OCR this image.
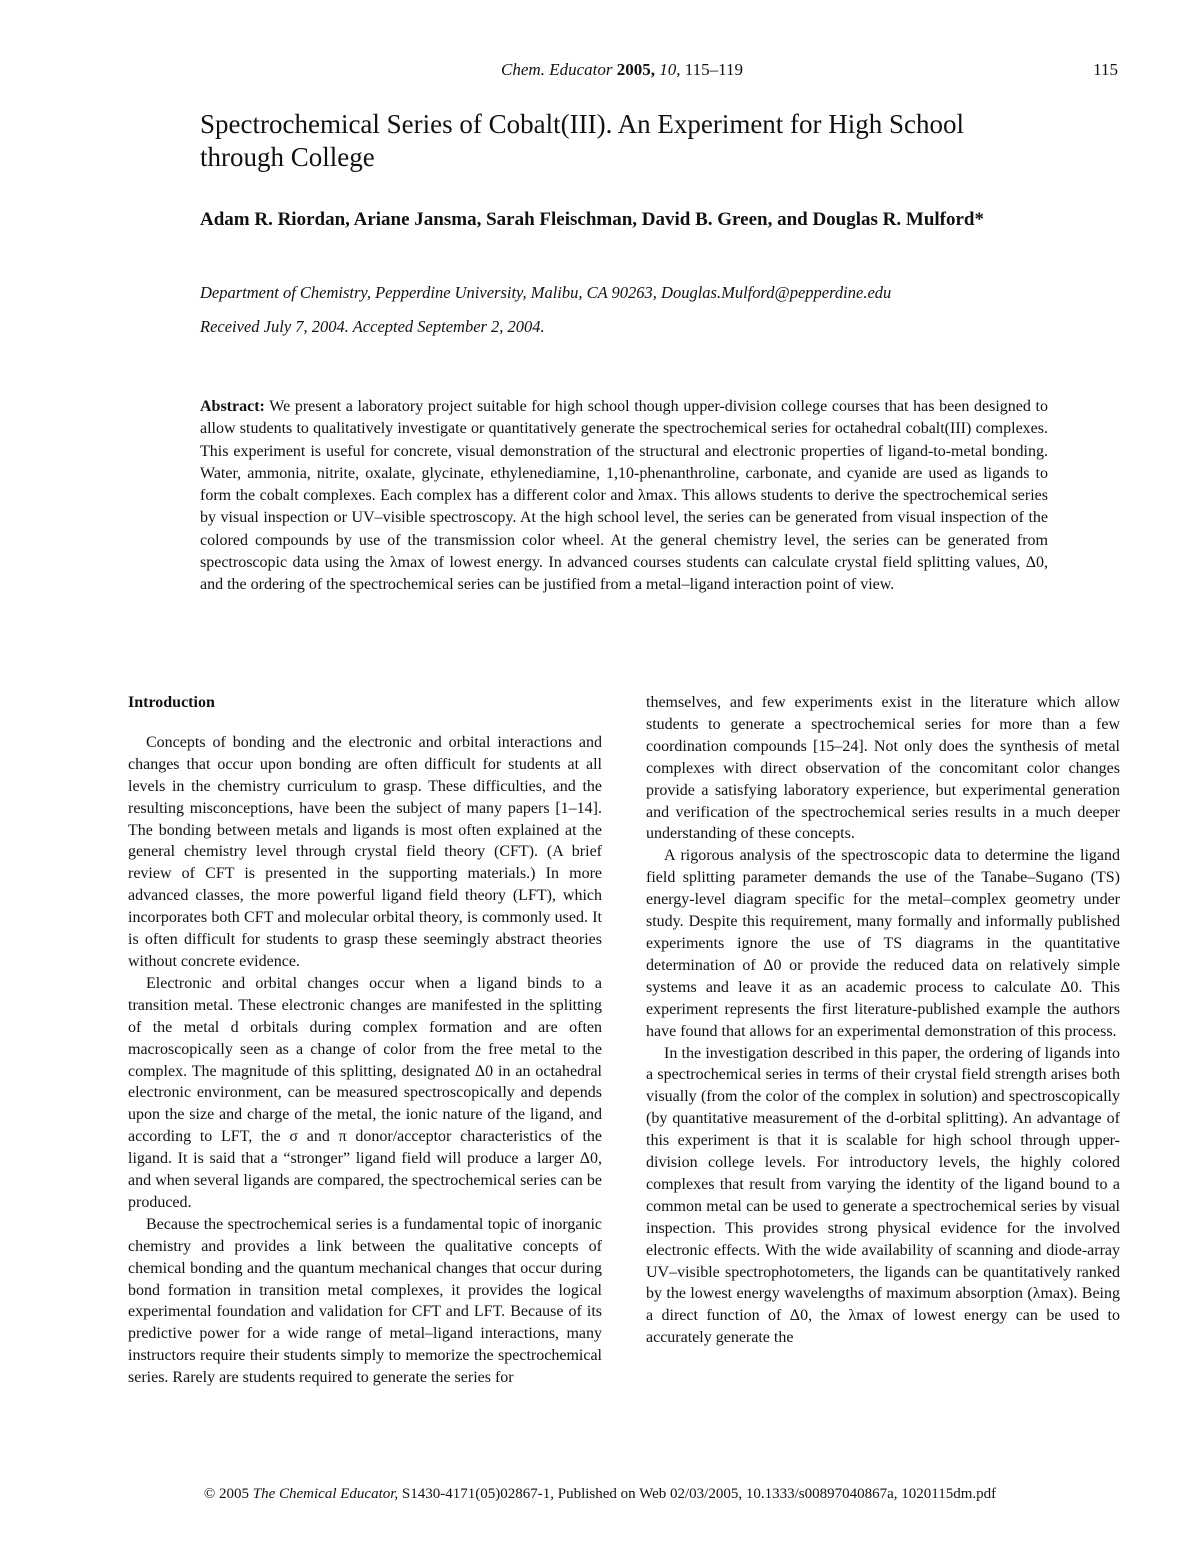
Chem. Educator 2005, 10, 115–119	115
Spectrochemical Series of Cobalt(III). An Experiment for High School through College

Adam R. Riordan, Ariane Jansma, Sarah Fleischman, David B. Green, and Douglas R. Mulford*

Department of Chemistry, Pepperdine University, Malibu, CA 90263, Douglas.Mulford@pepperdine.edu

Received July 7, 2004. Accepted September 2, 2004.

Abstract: We present a laboratory project suitable for high school though upper-division college courses that has been designed to allow students to qualitatively investigate or quantitatively generate the spectrochemical series for octahedral cobalt(III) complexes. This experiment is useful for concrete, visual demonstration of the structural and electronic properties of ligand-to-metal bonding. Water, ammonia, nitrite, oxalate, glycinate, ethylenediamine, 1,10-phenanthroline, carbonate, and cyanide are used as ligands to form the cobalt complexes. Each complex has a different color and λmax. This allows students to derive the spectrochemical series by visual inspection or UV–visible spectroscopy. At the high school level, the series can be generated from visual inspection of the colored compounds by use of the transmission color wheel. At the general chemistry level, the series can be generated from spectroscopic data using the λmax of lowest energy. In advanced courses students can calculate crystal field splitting values, Δ0, and the ordering of the spectrochemical series can be justified from a metal–ligand interaction point of view.

Introduction

Concepts of bonding and the electronic and orbital interactions and changes that occur upon bonding are often difficult for students at all levels in the chemistry curriculum to grasp. These difficulties, and the resulting misconceptions, have been the subject of many papers [1–14]. The bonding between metals and ligands is most often explained at the general chemistry level through crystal field theory (CFT). (A brief review of CFT is presented in the supporting materials.) In more advanced classes, the more powerful ligand field theory (LFT), which incorporates both CFT and molecular orbital theory, is commonly used. It is often difficult for students to grasp these seemingly abstract theories without concrete evidence.

Electronic and orbital changes occur when a ligand binds to a transition metal. These electronic changes are manifested in the splitting of the metal d orbitals during complex formation and are often macroscopically seen as a change of color from the free metal to the complex. The magnitude of this splitting, designated Δ0 in an octahedral electronic environment, can be measured spectroscopically and depends upon the size and charge of the metal, the ionic nature of the ligand, and according to LFT, the σ and π donor/acceptor characteristics of the ligand. It is said that a “stronger” ligand field will produce a larger Δ0, and when several ligands are compared, the spectrochemical series can be produced.

Because the spectrochemical series is a fundamental topic of inorganic chemistry and provides a link between the qualitative concepts of chemical bonding and the quantum mechanical changes that occur during bond formation in transition metal complexes, it provides the logical experimental foundation and validation for CFT and LFT. Because of its predictive power for a wide range of metal–ligand interactions, many instructors require their students simply to memorize the spectrochemical series. Rarely are students required to generate the series for

themselves, and few experiments exist in the literature which allow students to generate a spectrochemical series for more than a few coordination compounds [15–24]. Not only does the synthesis of metal complexes with direct observation of the concomitant color changes provide a satisfying laboratory experience, but experimental generation and verification of the spectrochemical series results in a much deeper understanding of these concepts.

A rigorous analysis of the spectroscopic data to determine the ligand field splitting parameter demands the use of the Tanabe–Sugano (TS) energy-level diagram specific for the metal–complex geometry under study. Despite this requirement, many formally and informally published experiments ignore the use of TS diagrams in the quantitative determination of Δ0 or provide the reduced data on relatively simple systems and leave it as an academic process to calculate Δ0. This experiment represents the first literature-published example the authors have found that allows for an experimental demonstration of this process.

In the investigation described in this paper, the ordering of ligands into a spectrochemical series in terms of their crystal field strength arises both visually (from the color of the complex in solution) and spectroscopically (by quantitative measurement of the d-orbital splitting). An advantage of this experiment is that it is scalable for high school through upper-division college levels. For introductory levels, the highly colored complexes that result from varying the identity of the ligand bound to a common metal can be used to generate a spectrochemical series by visual inspection. This provides strong physical evidence for the involved electronic effects. With the wide availability of scanning and diode-array UV–visible spectrophotometers, the ligands can be quantitatively ranked by the lowest energy wavelengths of maximum absorption (λmax). Being a direct function of Δ0, the λmax of lowest energy can be used to accurately generate the

© 2005 The Chemical Educator, S1430-4171(05)02867-1, Published on Web 02/03/2005, 10.1333/s00897040867a, 1020115dm.pdf
